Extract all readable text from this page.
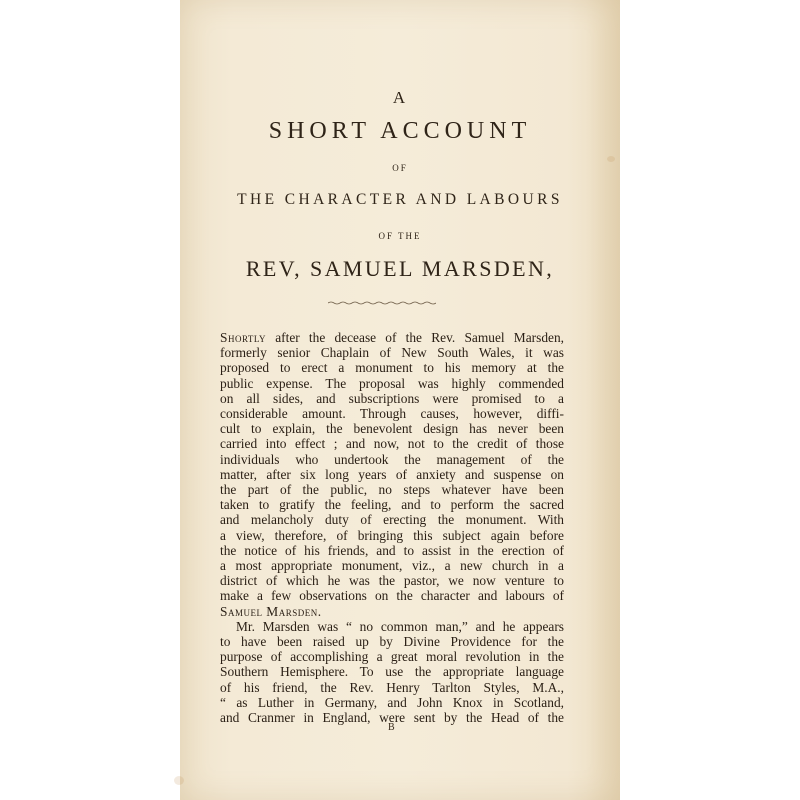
A
SHORT ACCOUNT
OF
THE CHARACTER AND LABOURS
OF THE
REV, SAMUEL MARSDEN,
Shortly after the decease of the Rev. Samuel Marsden,
formerly senior Chaplain of New South Wales, it was
proposed to erect a monument to his memory at the
public expense. The proposal was highly commended
on all sides, and subscriptions were promised to a
considerable amount. Through causes, however, diffi-
cult to explain, the benevolent design has never been
carried into effect ; and now, not to the credit of those
individuals who undertook the management of the
matter, after six long years of anxiety and suspense on
the part of the public, no steps whatever have been
taken to gratify the feeling, and to perform the sacred
and melancholy duty of erecting the monument. With
a view, therefore, of bringing this subject again before
the notice of his friends, and to assist in the erection of
a most appropriate monument, viz., a new church in a
district of which he was the pastor, we now venture to
make a few observations on the character and labours of
Samuel Marsden.
Mr. Marsden was “ no common man,” and he appears
to have been raised up by Divine Providence for the
purpose of accomplishing a great moral revolution in the
Southern Hemisphere. To use the appropriate language
of his friend, the Rev. Henry Tarlton Styles, M.A.,
“ as Luther in Germany, and John Knox in Scotland,
and Cranmer in England, were sent by the Head of the
B
